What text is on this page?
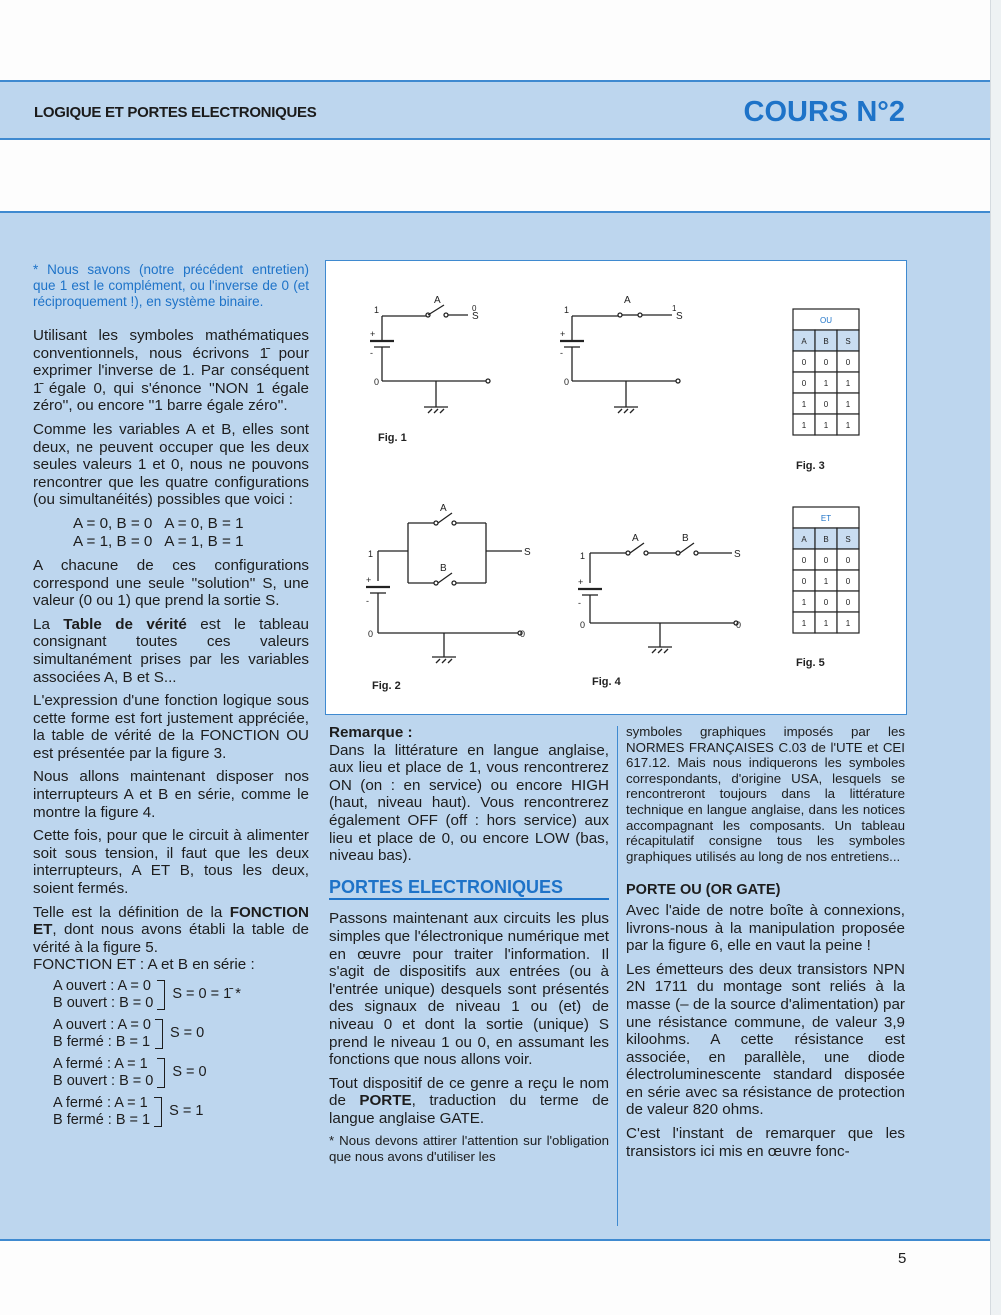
LOGIQUE ET PORTES ELECTRONIQUES	COURS N°2
* Nous savons (notre précédent entretien) que 1 est le complément, ou l'inverse de 0 (et réciproquement !), en système binaire.
Utilisant les symboles mathématiques conventionnels, nous écrivons 1̄ pour exprimer l'inverse de 1. Par conséquent 1̄ égale 0, qui s'énonce ''NON 1 égale zéro'', ou encore ''1 barre égale zéro''.
Comme les variables A et B, elles sont deux, ne peuvent occuper que les deux seules valeurs 1 et 0, nous ne pouvons rencontrer que les quatre configurations (ou simultanéités) possibles que voici :
A = 0, B = 0   A = 0, B = 1
A = 1, B = 0   A = 1, B = 1
A chacune de ces configurations correspond une seule ''solution'' S, une valeur (0 ou 1) que prend la sortie S.
La Table de vérité est le tableau consignant toutes ces valeurs simultanément prises par les variables associées A, B et S...
L'expression d'une fonction logique sous cette forme est fort justement appréciée, la table de vérité de la FONCTION OU est présentée par la figure 3.
Nous allons maintenant disposer nos interrupteurs A et B en série, comme le montre la figure 4.
Cette fois, pour que le circuit à alimenter soit sous tension, il faut que les deux interrupteurs, A ET B, tous les deux, soient fermés.
Telle est la définition de la FONCTION ET, dont nous avons établi la table de vérité à la figure 5.
FONCTION ET : A et B en série :
A ouvert : A = 0
B ouvert : B = 0
S = 0 = 1̄ *
A ouvert : A = 0
B fermé : B = 1
S = 0
A fermé : A = 1
B ouvert : B = 0
S = 0
A fermé : A = 1
B fermé : B = 1
S = 1
1
+
-
0
A
0
S
Fig. 1
1
+
-
0
A
1
S
1
+
-
0	0
A
B
S
Fig. 2
1
+
-
0	0
A	B
S
Fig. 4
OU
A B S
0 0 0
0 1 1
1 0 1
1 1 1
Fig. 3
ET
A B S
0 0 0
0 1 0
1 0 0
1 1 1
Fig. 5
Remarque :
Dans la littérature en langue anglaise, aux lieu et place de 1, vous rencontrerez ON (on : en service) ou encore HIGH (haut, niveau haut). Vous rencontrerez également OFF (off : hors service) aux lieu et place de 0, ou encore LOW (bas, niveau bas).
PORTES ELECTRONIQUES
Passons maintenant aux circuits les plus simples que l'électronique numérique met en œuvre pour traiter l'information. Il s'agit de dispositifs aux entrées (ou à l'entrée unique) desquels sont présentés des signaux de niveau 1 ou (et) de niveau 0 et dont la sortie (unique) S prend le niveau 1 ou 0, en assumant les fonctions que nous allons voir.
Tout dispositif de ce genre a reçu le nom de PORTE, traduction du terme de langue anglaise GATE.
* Nous devons attirer l'attention sur l'obligation que nous avons d'utiliser les
symboles graphiques imposés par les NORMES FRANÇAISES C.03 de l'UTE et CEI 617.12. Mais nous indiquerons les symboles correspondants, d'origine USA, lesquels se rencontreront toujours dans la littérature technique en langue anglaise, dans les notices accompagnant les composants. Un tableau récapitulatif consigne tous les symboles graphiques utilisés au long de nos entretiens...
PORTE OU (OR GATE)
Avec l'aide de notre boîte à connexions, livrons-nous à la manipulation proposée par la figure 6, elle en vaut la peine !
Les émetteurs des deux transistors NPN 2N 1711 du montage sont reliés à la masse (– de la source d'alimentation) par une résistance commune, de valeur 3,9 kiloohms. A cette résistance est associée, en parallèle, une diode électroluminescente standard disposée en série avec sa résistance de protection de valeur 820 ohms.
C'est l'instant de remarquer que les transistors ici mis en œuvre fonc-
5
